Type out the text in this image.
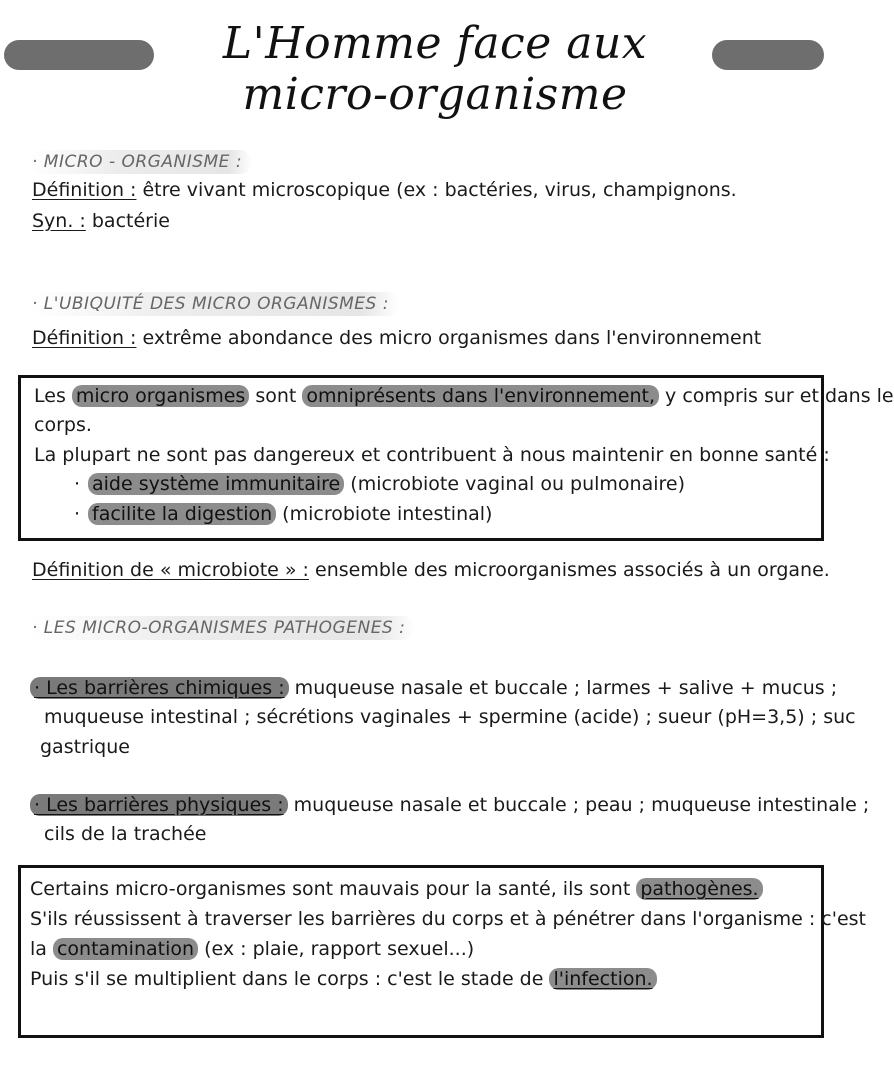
L'Homme face aux micro-organisme
· MICRO - ORGANISME :
Définition : être vivant microscopique (ex : bactéries, virus, champignons.
Syn. : bactérie
· L'UBIQUITÉ DES MICRO ORGANISMES :
Définition : extrême abondance des micro organismes dans l'environnement
Les micro organismes sont omniprésents dans l'environnement, y compris sur et dans le
corps.
La plupart ne sont pas dangereux et contribuent à nous maintenir en bonne santé :
· aide système immunitaire (microbiote vaginal ou pulmonaire)
· facilite la digestion (microbiote intestinal)
Définition de « microbiote » : ensemble des microorganismes associés à un organe.
· LES MICRO-ORGANISMES PATHOGENES :
· Les barrières chimiques : muqueuse nasale et buccale ; larmes + salive + mucus ;
muqueuse intestinal ; sécrétions vaginales + spermine (acide) ; sueur (pH=3,5) ; suc
gastrique
· Les barrières physiques : muqueuse nasale et buccale ; peau ; muqueuse intestinale ;
cils de la trachée
Certains micro-organismes sont mauvais pour la santé, ils sont pathogènes.
S'ils réussissent à traverser les barrières du corps et à pénétrer dans l'organisme : c'est
la contamination (ex : plaie, rapport sexuel...)
Puis s'il se multiplient dans le corps : c'est le stade de l'infection.
